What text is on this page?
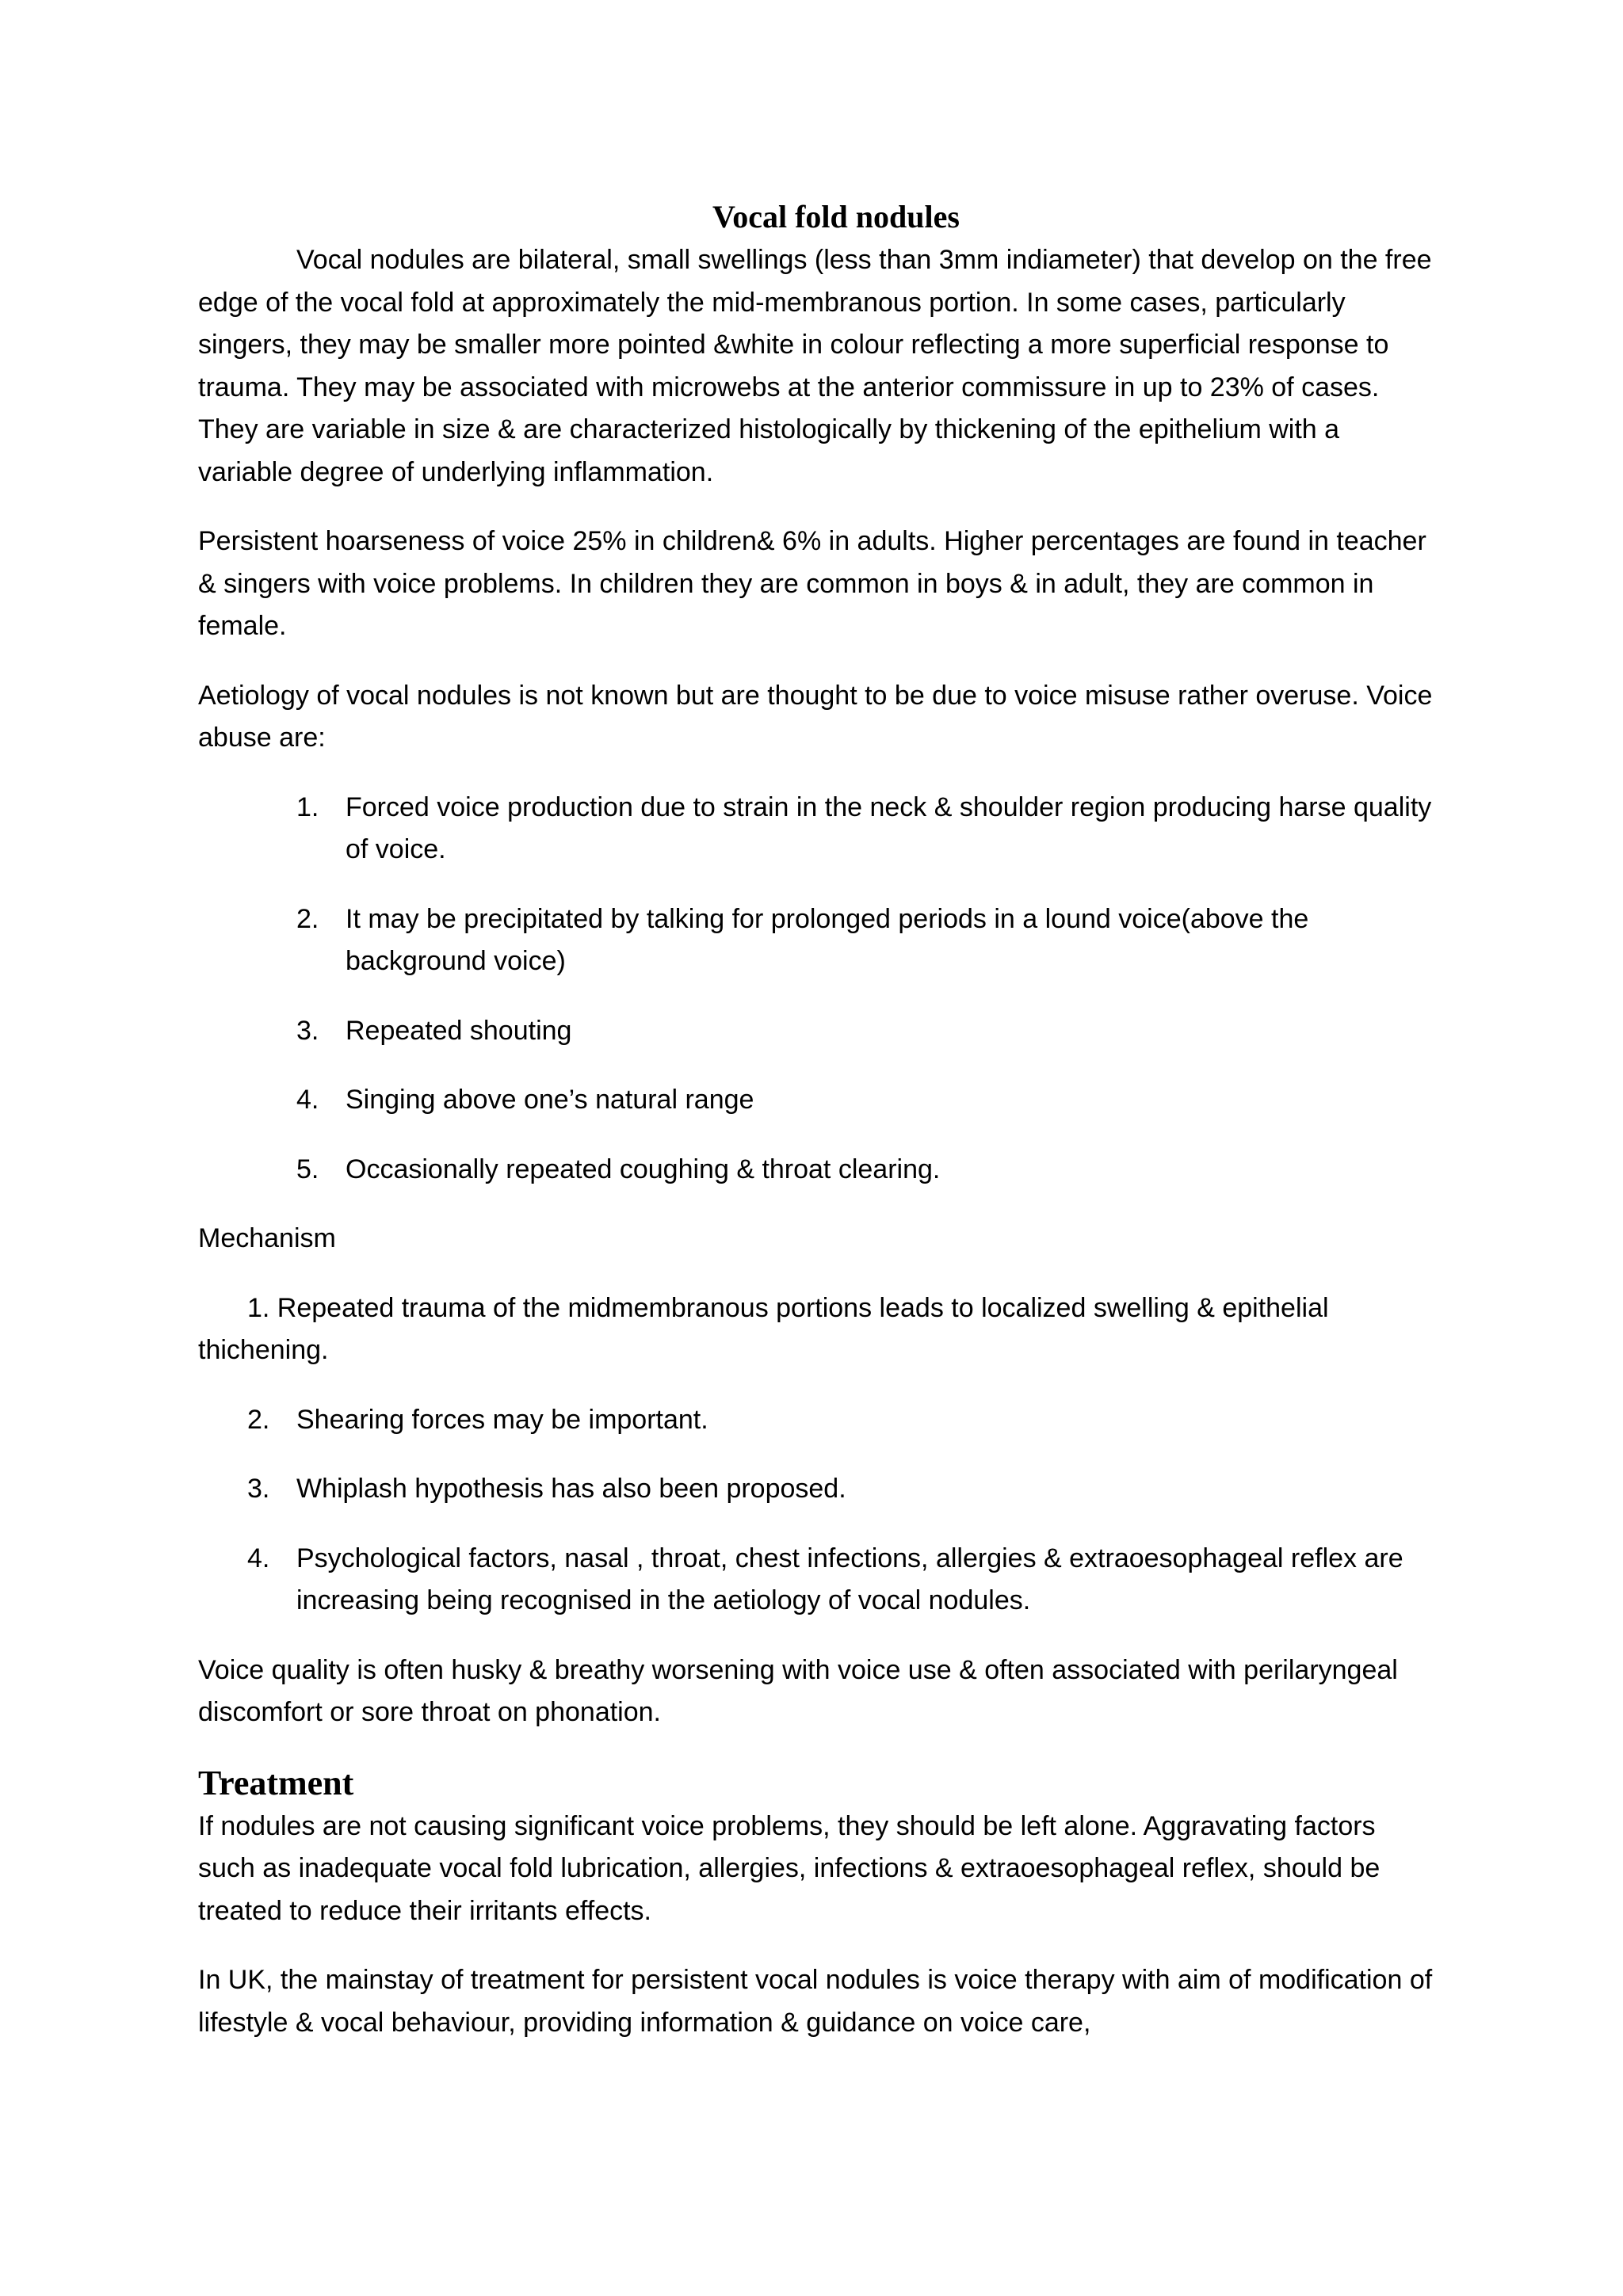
Vocal fold nodules

Vocal nodules are bilateral, small swellings (less than 3mm indiameter) that develop on the free edge of the vocal fold at approximately the mid-membranous portion. In some cases, particularly singers, they may be smaller more pointed &white in colour reflecting a more superficial response to trauma. They may be associated with microwebs at the anterior commissure in up to 23% of cases. They are variable in size & are characterized histologically by thickening of the epithelium with a variable degree of underlying inflammation.

Persistent hoarseness of voice 25% in children& 6% in adults. Higher percentages are found in teacher & singers with voice problems. In children they are common in boys & in adult, they are common in female.

Aetiology of vocal nodules is not known but are thought to be due to voice misuse rather overuse. Voice abuse are:

1. Forced voice production due to strain in the neck & shoulder region producing harse quality of voice.
2. It may be precipitated by talking for prolonged periods in a lound voice(above the background voice)
3. Repeated shouting
4. Singing above one’s natural range
5. Occasionally repeated coughing & throat clearing.

Mechanism

1. Repeated trauma of the midmembranous portions leads to localized swelling & epithelial thichening.

2. Shearing forces may be important.
3. Whiplash hypothesis has also been proposed.
4. Psychological factors, nasal , throat, chest infections, allergies & extraoesophageal reflex are increasing being recognised in the aetiology of vocal nodules.

Voice quality is often husky & breathy worsening with voice use & often associated with perilaryngeal discomfort or sore throat on phonation.

Treatment

If nodules are not causing significant voice problems, they should be left alone. Aggravating factors such as inadequate vocal fold lubrication, allergies, infections & extraoesophageal reflex, should be treated to reduce their irritants effects.

In UK, the mainstay of treatment for persistent vocal nodules is voice therapy with aim of modification of lifestyle & vocal behaviour, providing information & guidance on voice care,
